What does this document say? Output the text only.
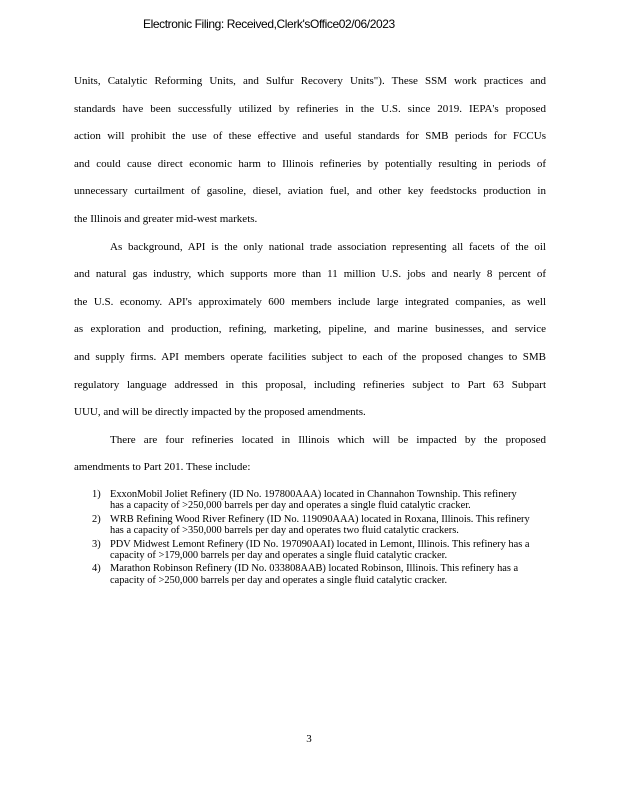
Electronic Filing: Received,Clerk'sOffice02/06/2023

Units, Catalytic Reforming Units, and Sulfur Recovery Units"). These SSM work practices and
standards have been successfully utilized by refineries in the U.S. since 2019. IEPA's proposed
action will prohibit the use of these effective and useful standards for SMB periods for FCCUs
and could cause direct economic harm to Illinois refineries by potentially resulting in periods of
unnecessary curtailment of gasoline, diesel, aviation fuel, and other key feedstocks production in
the Illinois and greater mid-west markets.

As background, API is the only national trade association representing all facets of the oil
and natural gas industry, which supports more than 11 million U.S. jobs and nearly 8 percent of
the U.S. economy. API's approximately 600 members include large integrated companies, as well
as exploration and production, refining, marketing, pipeline, and marine businesses, and service
and supply firms. API members operate facilities subject to each of the proposed changes to SMB
regulatory language addressed in this proposal, including refineries subject to Part 63 Subpart
UUU, and will be directly impacted by the proposed amendments.

There are four refineries located in Illinois which will be impacted by the proposed
amendments to Part 201. These include:

1) ExxonMobil Joliet Refinery (ID No. 197800AAA) located in Channahon Township. This refinery has a capacity of >250,000 barrels per day and operates a single fluid catalytic cracker.
2) WRB Refining Wood River Refinery (ID No. 119090AAA) located in Roxana, Illinois. This refinery has a capacity of >350,000 barrels per day and operates two fluid catalytic crackers.
3) PDV Midwest Lemont Refinery (ID No. 197090AAI) located in Lemont, Illinois. This refinery has a capacity of >179,000 barrels per day and operates a single fluid catalytic cracker.
4) Marathon Robinson Refinery (ID No. 033808AAB) located Robinson, Illinois. This refinery has a capacity of >250,000 barrels per day and operates a single fluid catalytic cracker.
3
